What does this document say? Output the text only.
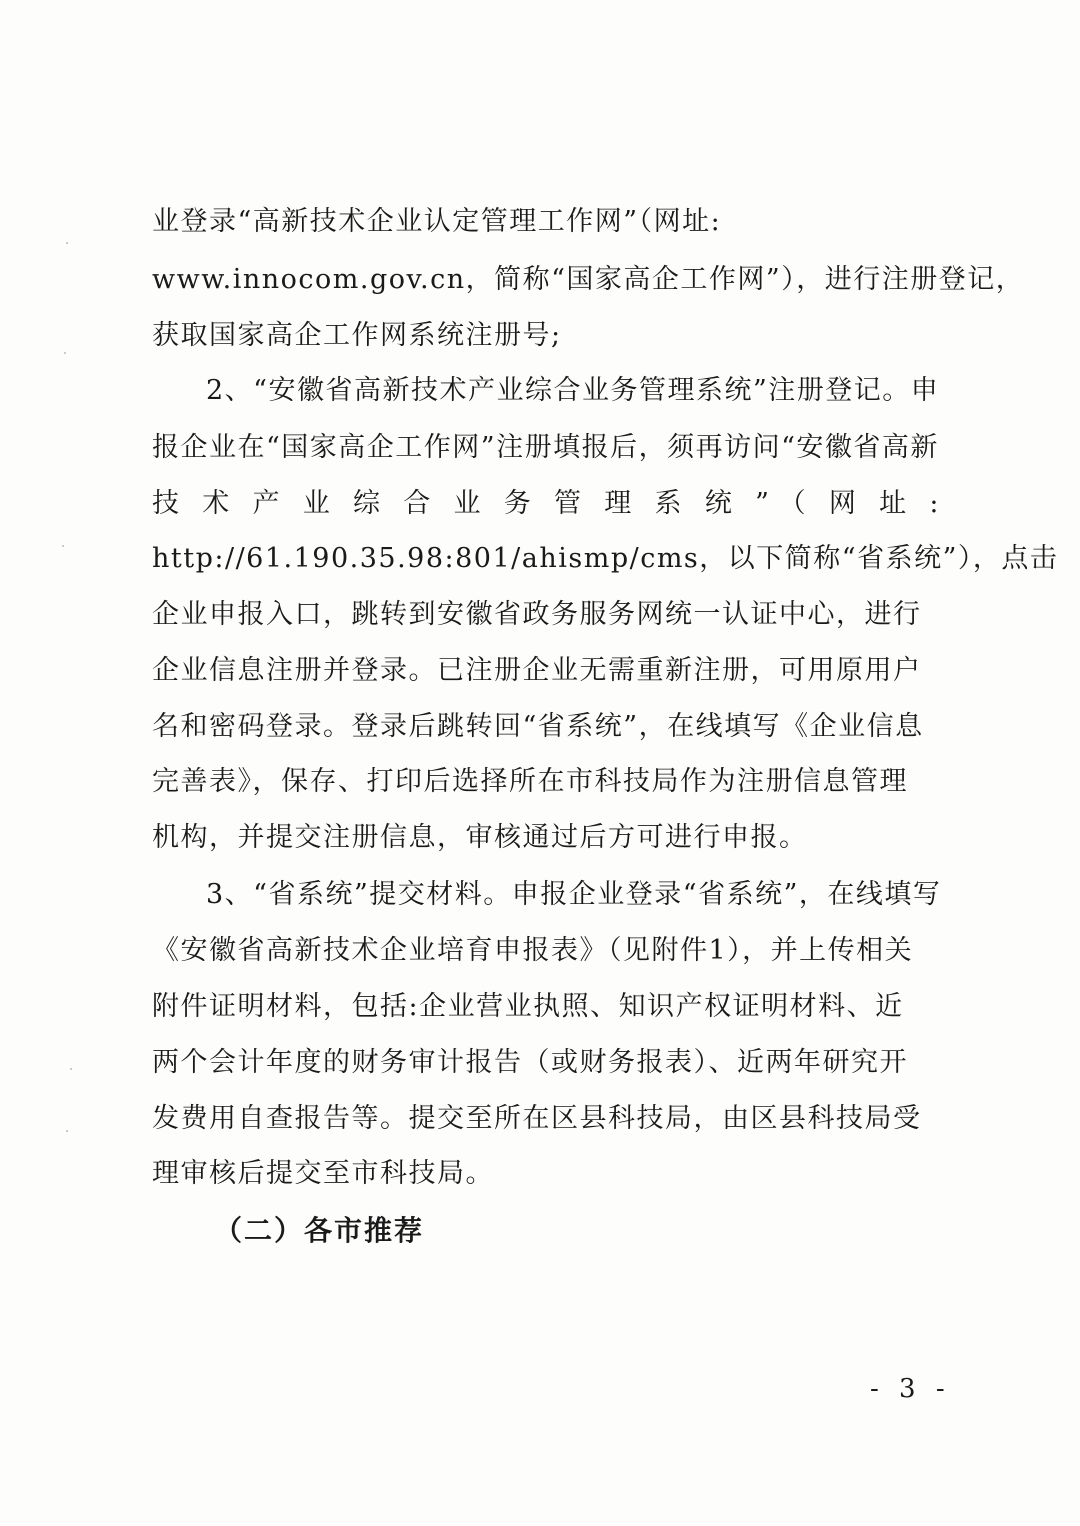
业登录“高新技术企业认定管理工作网”（网址:
www.innocom.gov.cn，简称“国家高企工作网”），进行注册登记，
获取国家高企工作网系统注册号;
2、“安徽省高新技术产业综合业务管理系统”注册登记。申
报企业在“国家高企工作网”注册填报后，须再访问“安徽省高新
技术产业综合业务管理系统”（网址:
http://61.190.35.98:801/ahismp/cms，以下简称“省系统”），点击
企业申报入口，跳转到安徽省政务服务网统一认证中心，进行
企业信息注册并登录。已注册企业无需重新注册，可用原用户
名和密码登录。登录后跳转回“省系统”，在线填写《企业信息
完善表》，保存、打印后选择所在市科技局作为注册信息管理
机构，并提交注册信息，审核通过后方可进行申报。
3、“省系统”提交材料。申报企业登录“省系统”，在线填写
《安徽省高新技术企业培育申报表》（见附件1），并上传相关
附件证明材料，包括:企业营业执照、知识产权证明材料、近
两个会计年度的财务审计报告（或财务报表）、近两年研究开
发费用自查报告等。提交至所在区县科技局，由区县科技局受
理审核后提交至市科技局。
（二）各市推荐
- 3 -
